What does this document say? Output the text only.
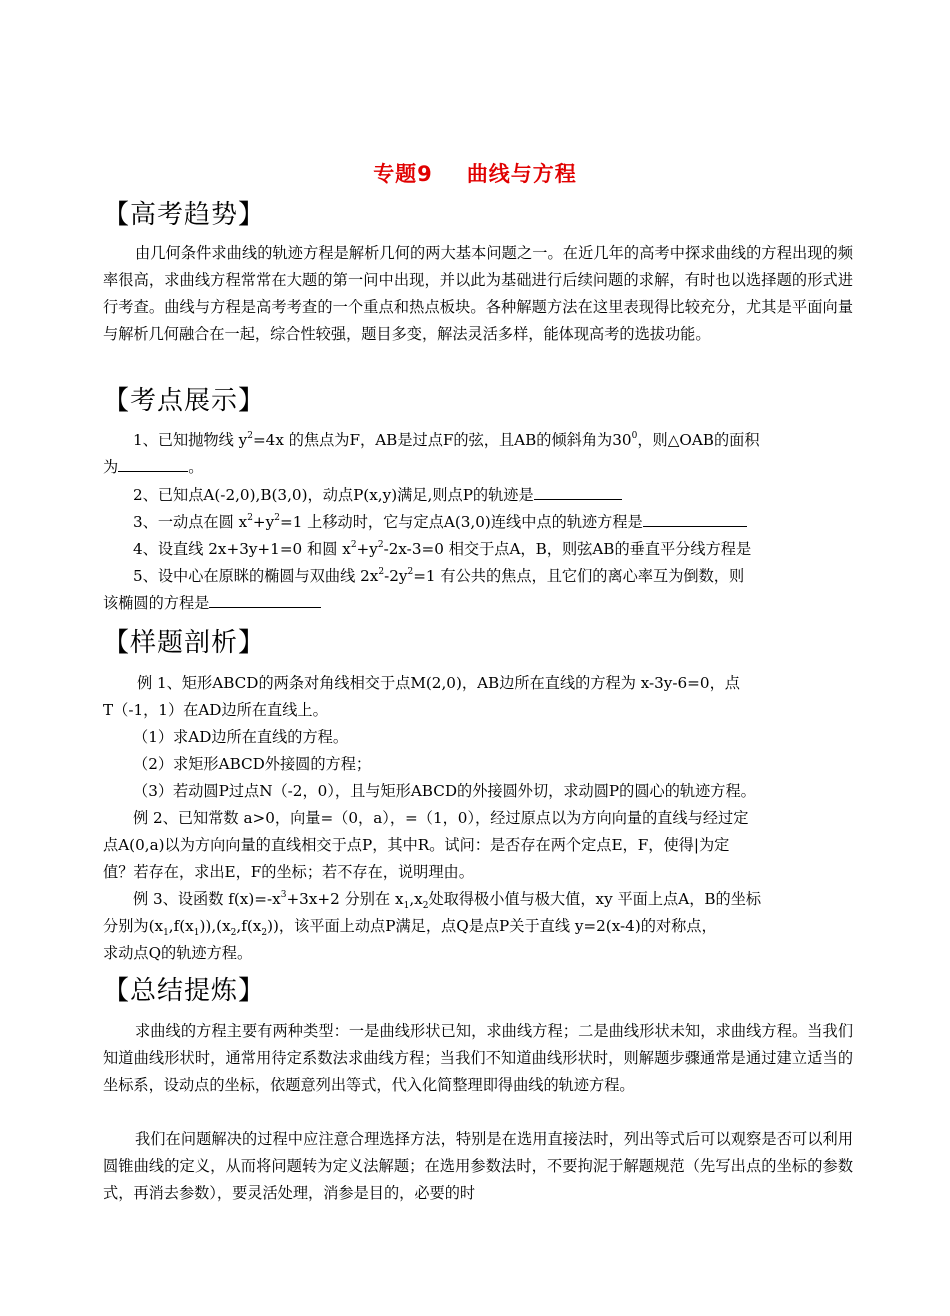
专题9 曲线与方程
【高考趋势】
由几何条件求曲线的轨迹方程是解析几何的两大基本问题之一。在近几年的高考中探求曲线的方程出现的频率很高，求曲线方程常常在大题的第一问中出现，并以此为基础进行后续问题的求解，有时也以选择题的形式进行考查。曲线与方程是高考考查的一个重点和热点板块。各种解题方法在这里表现得比较充分，尤其是平面向量与解析几何融合在一起，综合性较强，题目多变，解法灵活多样，能体现高考的选拔功能。
【考点展示】
1、已知抛物线 $y^2=4x$ 的焦点为F，AB是过点F的弦，且AB的倾斜角为$30^0$，则△OAB的面积
为	。
2、已知点A(-2,0),B(3,0)，动点P(x,y)满足,则点P的轨迹是
3、一动点在圆 $x^2+y^2=1$ 上移动时，它与定点A(3,0)连线中点的轨迹方程是
4、设直线 2x+3y+1=0 和圆 $x^2+y^2-2x-3=0$ 相交于点A，B，则弦AB的垂直平分线方程是
5、设中心在原眯的椭圆与双曲线 $2x^2-2y^2=1$ 有公共的焦点，且它们的离心率互为倒数，则
该椭圆的方程是
【样题剖析】
例 1、矩形ABCD的两条对角线相交于点M(2,0)，AB边所在直线的方程为 x-3y-6=0，点
T（-1，1）在AD边所在直线上。
（1）求AD边所在直线的方程。
（2）求矩形ABCD外接圆的方程；
（3）若动圆P过点N（-2，0），且与矩形ABCD的外接圆外切，求动圆P的圆心的轨迹方程。
例 2、已知常数 a>0，向量=（0，a），=（1，0），经过原点以为方向向量的直线与经过定
点A(0,a)以为方向向量的直线相交于点P，其中R。试问：是否存在两个定点E，F，使得|为定
值？若存在，求出E，F的坐标；若不存在，说明理由。
例 3、设函数 $f(x)=-x^3+3x+2$ 分别在 $x_1,x_2$处取得极小值与极大值，xy 平面上点A，B的坐标
分别为$(x_1,f(x_1)),(x_2,f(x_2))$，该平面上动点P满足，点Q是点P关于直线 y=2(x-4)的对称点，
求动点Q的轨迹方程。
【总结提炼】
求曲线的方程主要有两种类型：一是曲线形状已知，求曲线方程；二是曲线形状未知，求曲线方程。当我们知道曲线形状时，通常用待定系数法求曲线方程；当我们不知道曲线形状时，则解题步骤通常是通过建立适当的坐标系，设动点的坐标，依题意列出等式，代入化简整理即得曲线的轨迹方程。
我们在问题解决的过程中应注意合理选择方法，特别是在选用直接法时，列出等式后可以观察是否可以利用圆锥曲线的定义，从而将问题转为定义法解题；在选用参数法时，不要拘泥于解题规范（先写出点的坐标的参数式，再消去参数），要灵活处理，消参是目的，必要的时
